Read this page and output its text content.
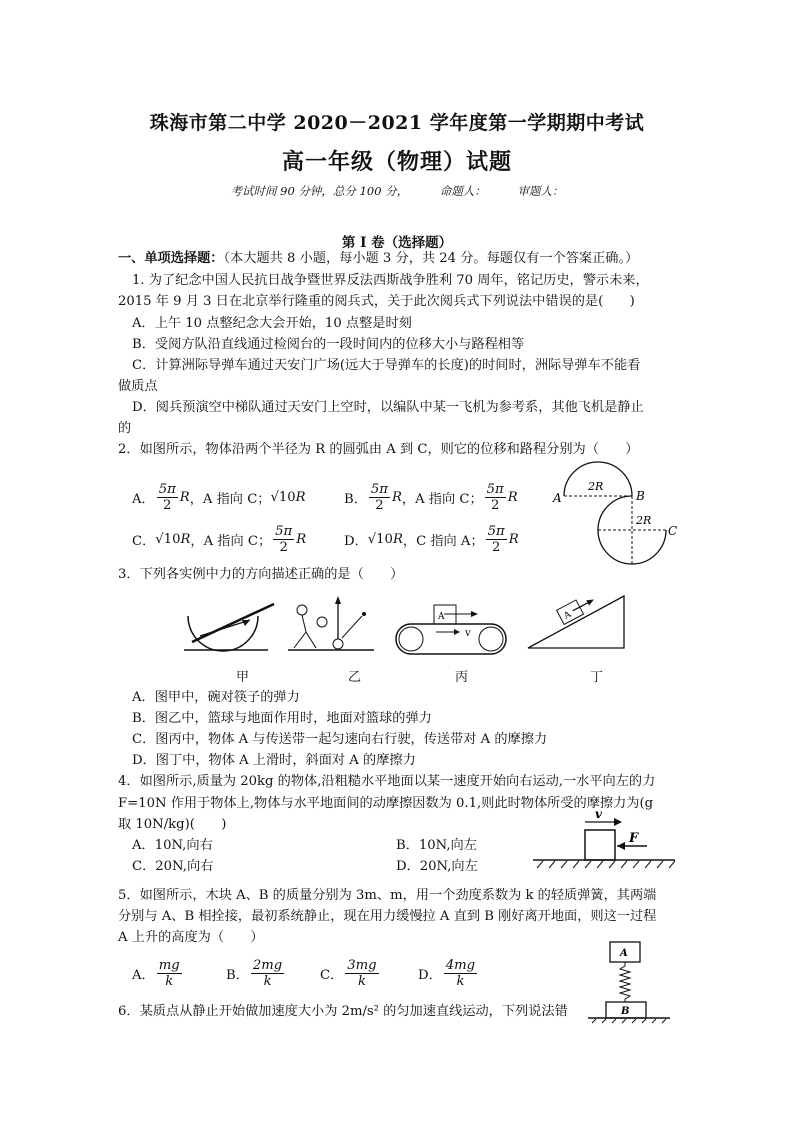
珠海市第二中学 2020－2021 学年度第一学期期中考试
高一年级（物理）试题
考试时间 90 分钟，总分 100 分，	命题人：	审题人：
第 I 卷（选择题）
一、单项选择题：（本大题共 8 小题，每小题 3 分，共 24 分。每题仅有一个答案正确。）
1. 为了纪念中国人民抗日战争暨世界反法西斯战争胜利 70 周年，铭记历史，警示未来，
2015 年 9 月 3 日在北京举行隆重的阅兵式，关于此次阅兵式下列说法中错误的是(　　)
A．上午 10 点整纪念大会开始，10 点整是时刻
B．受阅方队沿直线通过检阅台的一段时间内的位移大小与路程相等
C．计算洲际导弹车通过天安门广场(远大于导弹车的长度)的时间时，洲际导弹车不能看
做质点
D．阅兵预演空中梯队通过天安门上空时，以编队中某一飞机为参考系，其他飞机是静止
的
2．如图所示，物体沿两个半径为 R 的圆弧由 A 到 C，则它的位移和路程分别为（　　）
A． $\frac{5\pi}{2}$ R ，A 指向 C； √10 R	B． $\frac{5\pi}{2}$ R ，A 指向 C； $\frac{5\pi}{2}$ R
C． √10 R ，A 指向 C； $\frac{5\pi}{2}$ R	D． √10 R ，C 指向 A； $\frac{5\pi}{2}$ R
A	B
C
2R
2R
3．下列各实例中力的方向描述正确的是（　　）
A
v
A
甲	乙	丙	丁
A．图甲中，碗对筷子的弹力
B．图乙中，篮球与地面作用时，地面对篮球的弹力
C．图丙中，物体 A 与传送带一起匀速向右行驶，传送带对 A 的摩擦力
D．图丁中，物体 A 上滑时，斜面对 A 的摩擦力
4．如图所示,质量为 20kg 的物体,沿粗糙水平地面以某一速度开始向右运动,一水平向左的力
F=10N 作用于物体上,物体与水平地面间的动摩擦因数为 0.1,则此时物体所受的摩擦力为(g
取 10N/kg)(　　)
A．10N,向右	B．10N,向左
C．20N,向右	D．20N,向左
v
F
5．如图所示，木块 A、B 的质量分别为 3m、m，用一个劲度系数为 k 的轻质弹簧，其两端
分别与 A、B 相拴接，最初系统静止，现在用力缓慢拉 A 直到 B 刚好离开地面，则这一过程
A 上升的高度为（　　）
A． $\frac{mg}{k}$	B． $\frac{2mg}{k}$	C． $\frac{3mg}{k}$	D． $\frac{4mg}{k}$
A
B
6．某质点从静止开始做加速度大小为 2m/s² 的匀加速直线运动，下列说法错
